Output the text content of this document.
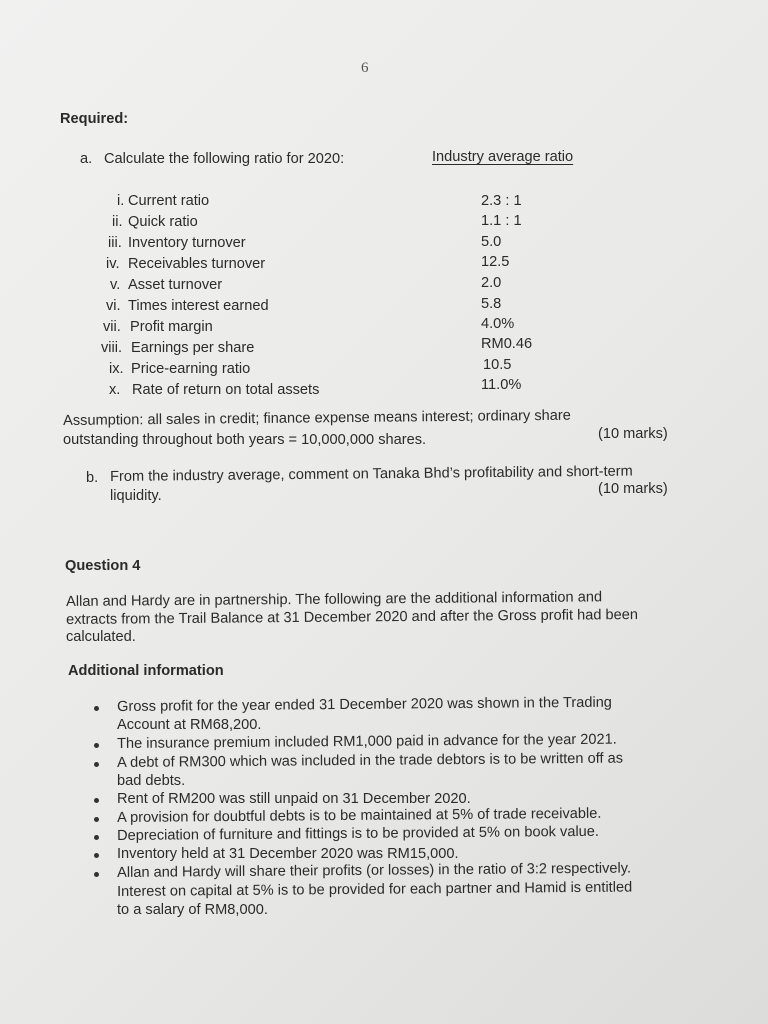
6
Required:
a. Calculate the following ratio for 2020:	Industry average ratio
i. Current ratio	2.3 : 1
ii. Quick ratio	1.1 : 1
iii. Inventory turnover	5.0
iv. Receivables turnover	12.5
v. Asset turnover	2.0
vi. Times interest earned	5.8
vii. Profit margin	4.0%
viii. Earnings per share	RM0.46
ix. Price-earning ratio	10.5
x. Rate of return on total assets	11.0%
Assumption: all sales in credit; finance expense means interest; ordinary share
outstanding throughout both years = 10,000,000 shares.	(10 marks)
b. From the industry average, comment on Tanaka Bhd’s profitability and short-term
liquidity.	(10 marks)
Question 4
Allan and Hardy are in partnership. The following are the additional information and
extracts from the Trail Balance at 31 December 2020 and after the Gross profit had been
calculated.
Additional information
Gross profit for the year ended 31 December 2020 was shown in the Trading
Account at RM68,200.
The insurance premium included RM1,000 paid in advance for the year 2021.
A debt of RM300 which was included in the trade debtors is to be written off as
bad debts.
Rent of RM200 was still unpaid on 31 December 2020.
A provision for doubtful debts is to be maintained at 5% of trade receivable.
Depreciation of furniture and fittings is to be provided at 5% on book value.
Inventory held at 31 December 2020 was RM15,000.
Allan and Hardy will share their profits (or losses) in the ratio of 3:2 respectively.
Interest on capital at 5% is to be provided for each partner and Hamid is entitled
to a salary of RM8,000.
